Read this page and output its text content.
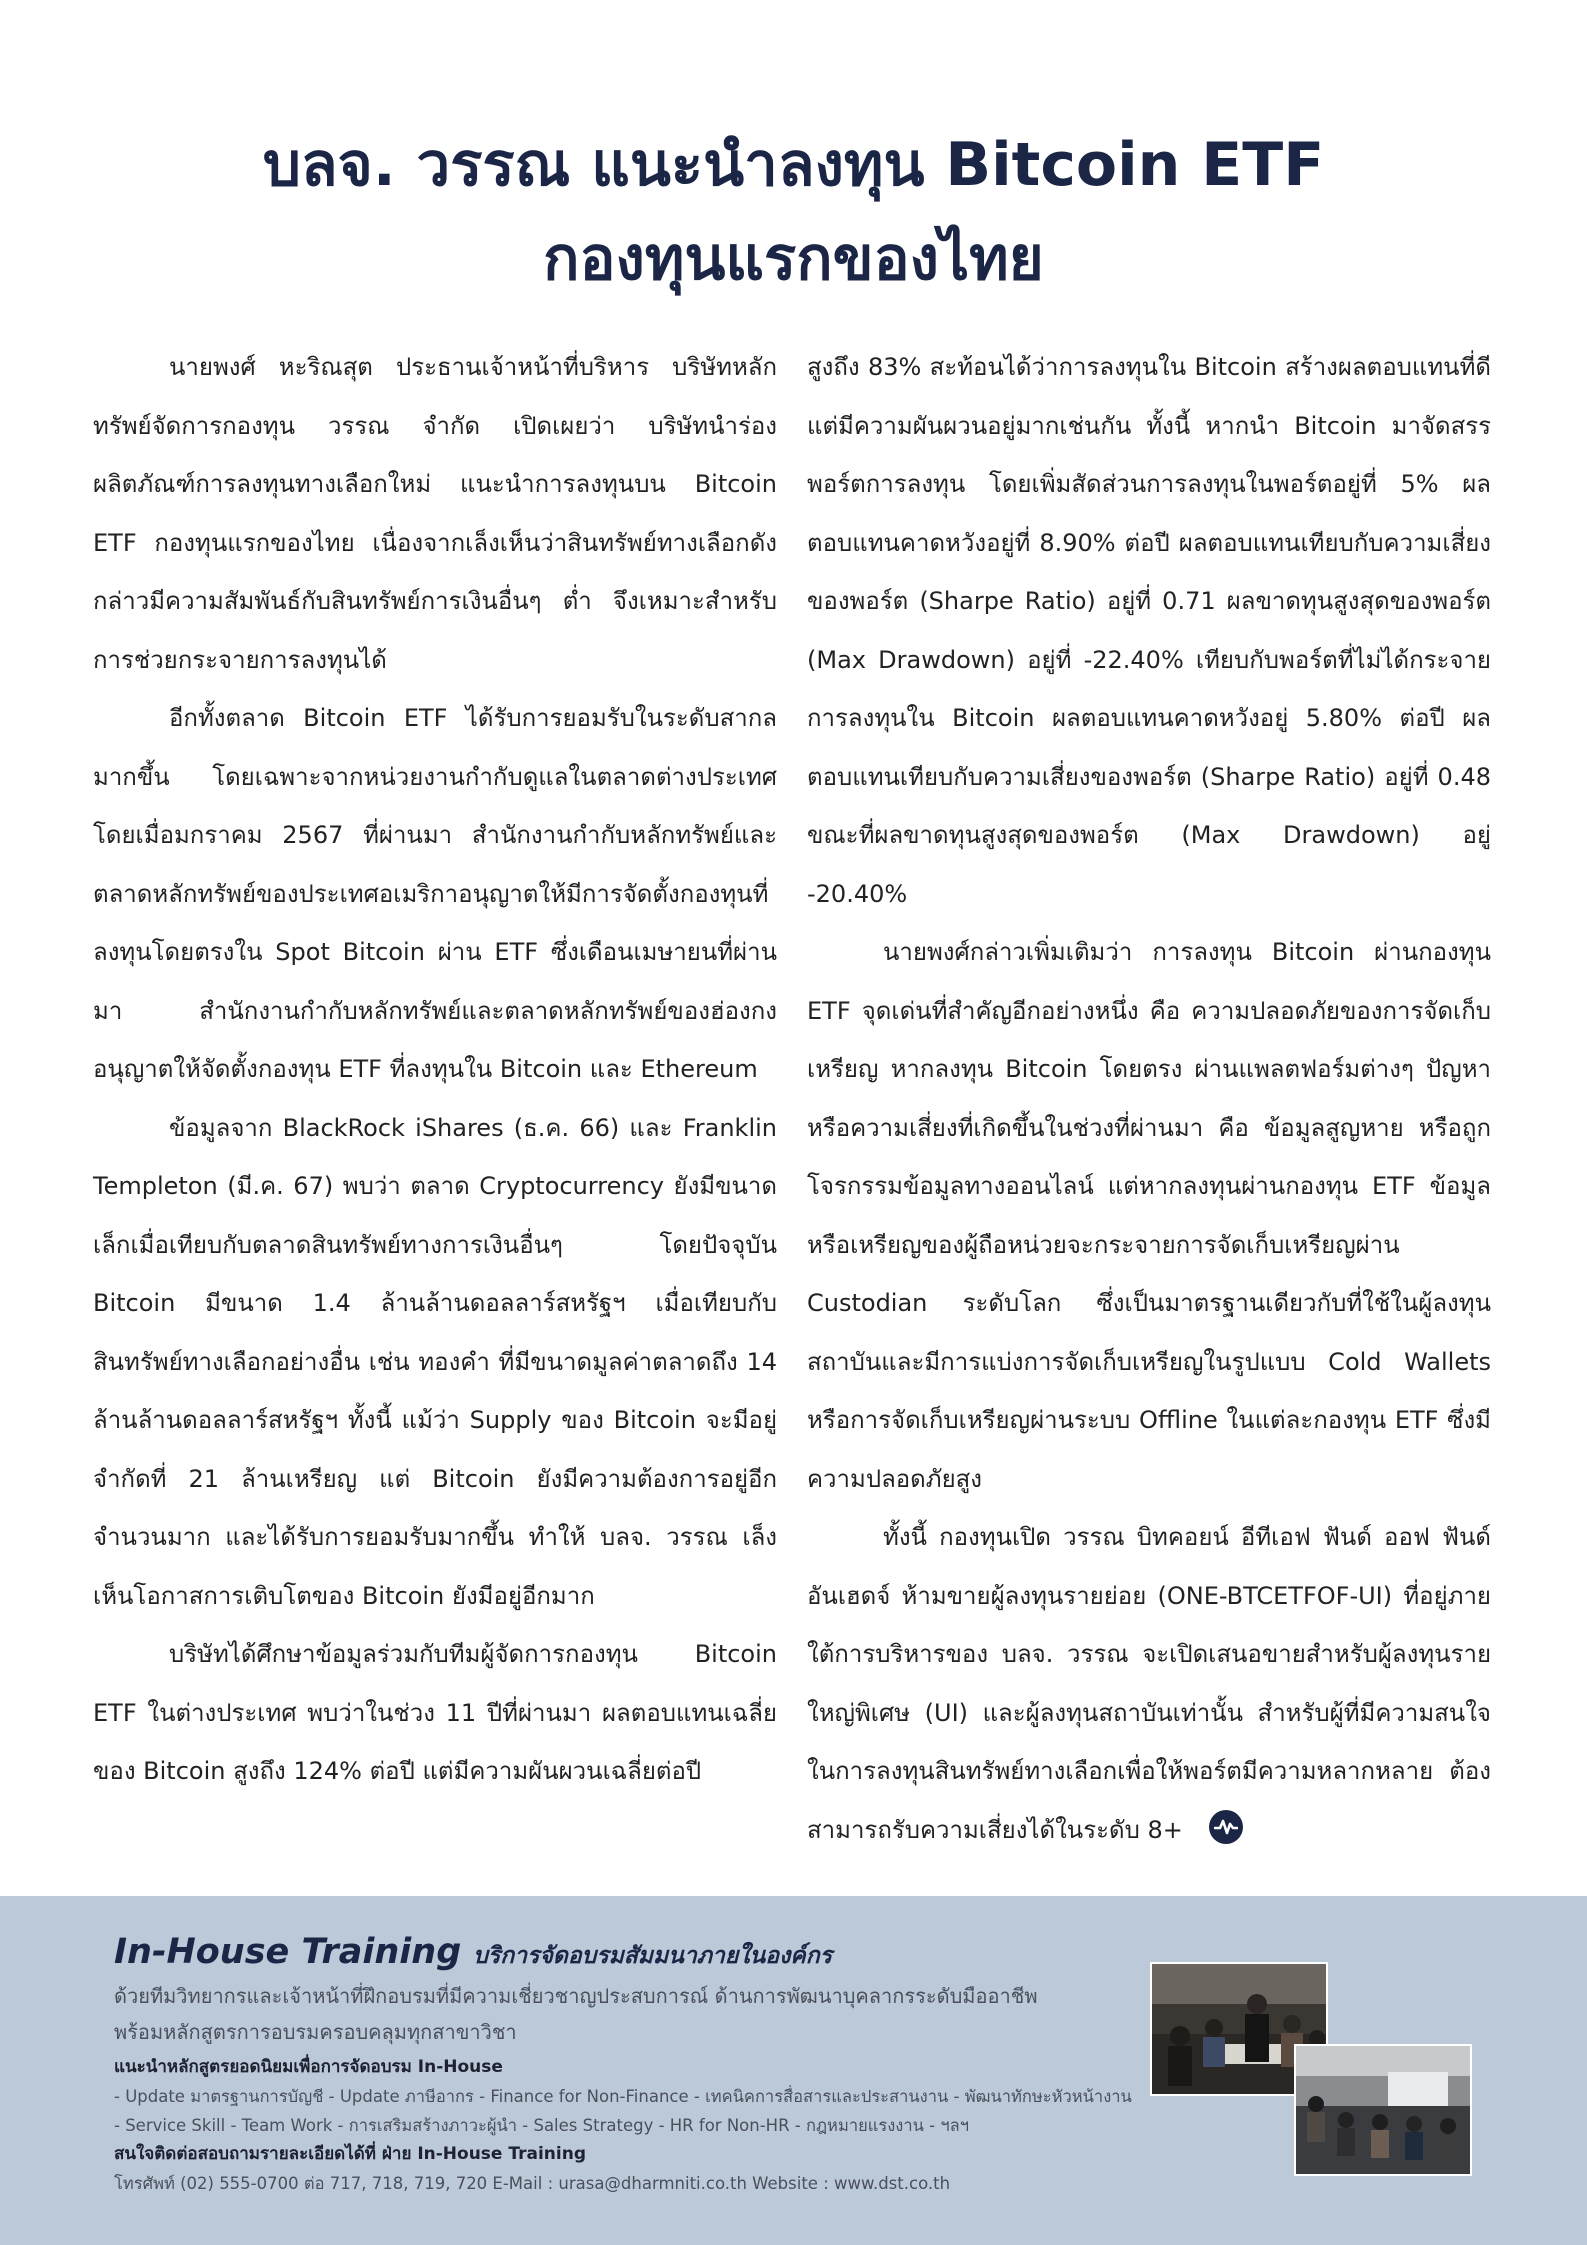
บลจ. วรรณ แนะนำลงทุน Bitcoin ETF
กองทุนแรกของไทย

นายพงศ์ หะริณสุต ประธานเจ้าหน้าที่บริหาร บริษัทหลักทรัพย์จัดการกองทุน วรรณ จำกัด เปิดเผยว่า บริษัทนำร่องผลิตภัณฑ์การลงทุนทางเลือกใหม่ แนะนำการลงทุนบน Bitcoin ETF กองทุนแรกของไทย เนื่องจากเล็งเห็นว่าสินทรัพย์ทางเลือกดังกล่าวมีความสัมพันธ์กับสินทรัพย์การเงินอื่นๆ ต่ำ จึงเหมาะสำหรับการช่วยกระจายการลงทุนได้

อีกทั้งตลาด Bitcoin ETF ได้รับการยอมรับในระดับสากลมากขึ้น โดยเฉพาะจากหน่วยงานกำกับดูแลในตลาดต่างประเทศ โดยเมื่อมกราคม 2567 ที่ผ่านมา สำนักงานกำกับหลักทรัพย์และตลาดหลักทรัพย์ของประเทศอเมริกาอนุญาตให้มีการจัดตั้งกองทุนที่ลงทุนโดยตรงใน Spot Bitcoin ผ่าน ETF ซึ่งเดือนเมษายนที่ผ่านมา สำนักงานกำกับหลักทรัพย์และตลาดหลักทรัพย์ของฮ่องกงอนุญาตให้จัดตั้งกองทุน ETF ที่ลงทุนใน Bitcoin และ Ethereum

ข้อมูลจาก BlackRock iShares (ธ.ค. 66) และ Franklin Templeton (มี.ค. 67) พบว่า ตลาด Cryptocurrency ยังมีขนาดเล็กเมื่อเทียบกับตลาดสินทรัพย์ทางการเงินอื่นๆ โดยปัจจุบัน Bitcoin มีขนาด 1.4 ล้านล้านดอลลาร์สหรัฐฯ เมื่อเทียบกับสินทรัพย์ทางเลือกอย่างอื่น เช่น ทองคำ ที่มีขนาดมูลค่าตลาดถึง 14 ล้านล้านดอลลาร์สหรัฐฯ ทั้งนี้ แม้ว่า Supply ของ Bitcoin จะมีอยู่จำกัดที่ 21 ล้านเหรียญ แต่ Bitcoin ยังมีความต้องการอยู่อีกจำนวนมาก และได้รับการยอมรับมากขึ้น ทำให้ บลจ. วรรณ เล็งเห็นโอกาสการเติบโตของ Bitcoin ยังมีอยู่อีกมาก

บริษัทได้ศึกษาข้อมูลร่วมกับทีมผู้จัดการกองทุน Bitcoin ETF ในต่างประเทศ พบว่าในช่วง 11 ปีที่ผ่านมา ผลตอบแทนเฉลี่ยของ Bitcoin สูงถึง 124% ต่อปี แต่มีความผันผวนเฉลี่ยต่อปี

สูงถึง 83% สะท้อนได้ว่าการลงทุนใน Bitcoin สร้างผลตอบแทนที่ดี แต่มีความผันผวนอยู่มากเช่นกัน ทั้งนี้ หากนำ Bitcoin มาจัดสรรพอร์ตการลงทุน โดยเพิ่มสัดส่วนการลงทุนในพอร์ตอยู่ที่ 5% ผลตอบแทนคาดหวังอยู่ที่ 8.90% ต่อปี ผลตอบแทนเทียบกับความเสี่ยงของพอร์ต (Sharpe Ratio) อยู่ที่ 0.71 ผลขาดทุนสูงสุดของพอร์ต (Max Drawdown) อยู่ที่ -22.40% เทียบกับพอร์ตที่ไม่ได้กระจายการลงทุนใน Bitcoin ผลตอบแทนคาดหวังอยู่ 5.80% ต่อปี ผลตอบแทนเทียบกับความเสี่ยงของพอร์ต (Sharpe Ratio) อยู่ที่ 0.48 ขณะที่ผลขาดทุนสูงสุดของพอร์ต (Max Drawdown) อยู่ -20.40%

นายพงศ์กล่าวเพิ่มเติมว่า การลงทุน Bitcoin ผ่านกองทุน ETF จุดเด่นที่สำคัญอีกอย่างหนึ่ง คือ ความปลอดภัยของการจัดเก็บเหรียญ หากลงทุน Bitcoin โดยตรง ผ่านแพลตฟอร์มต่างๆ ปัญหาหรือความเสี่ยงที่เกิดขึ้นในช่วงที่ผ่านมา คือ ข้อมูลสูญหาย หรือถูกโจรกรรมข้อมูลทางออนไลน์ แต่หากลงทุนผ่านกองทุน ETF ข้อมูลหรือเหรียญของผู้ถือหน่วยจะกระจายการจัดเก็บเหรียญผ่าน Custodian ระดับโลก ซึ่งเป็นมาตรฐานเดียวกับที่ใช้ในผู้ลงทุนสถาบันและมีการแบ่งการจัดเก็บเหรียญในรูปแบบ Cold Wallets หรือการจัดเก็บเหรียญผ่านระบบ Offline ในแต่ละกองทุน ETF ซึ่งมีความปลอดภัยสูง

ทั้งนี้ กองทุนเปิด วรรณ บิทคอยน์ อีทีเอฟ ฟันด์ ออฟ ฟันด์ อันเฮดจ์ ห้ามขายผู้ลงทุนรายย่อย (ONE-BTCETFOF-UI) ที่อยู่ภายใต้การบริหารของ บลจ. วรรณ จะเปิดเสนอขายสำหรับผู้ลงทุนรายใหญ่พิเศษ (UI) และผู้ลงทุนสถาบันเท่านั้น สำหรับผู้ที่มีความสนใจในการลงทุนสินทรัพย์ทางเลือกเพื่อให้พอร์ตมีความหลากหลาย ต้องสามารถรับความเสี่ยงได้ในระดับ 8+

In-House Training บริการจัดอบรมสัมมนาภายในองค์กร
ด้วยทีมวิทยากรและเจ้าหน้าที่ฝึกอบรมที่มีความเชี่ยวชาญประสบการณ์ ด้านการพัฒนาบุคลากรระดับมืออาชีพ
พร้อมหลักสูตรการอบรมครอบคลุมทุกสาขาวิชา
แนะนำหลักสูตรยอดนิยมเพื่อการจัดอบรม In-House
- Update มาตรฐานการบัญชี - Update ภาษีอากร - Finance for Non-Finance - เทคนิคการสื่อสารและประสานงาน - พัฒนาทักษะหัวหน้างาน
- Service Skill - Team Work - การเสริมสร้างภาวะผู้นำ - Sales Strategy - HR for Non-HR - กฎหมายแรงงาน - ฯลฯ
สนใจติดต่อสอบถามรายละเอียดได้ที่ ฝ่าย In-House Training
โทรศัพท์ (02) 555-0700 ต่อ 717, 718, 719, 720 E-Mail : urasa@dharmniti.co.th Website : www.dst.co.th
